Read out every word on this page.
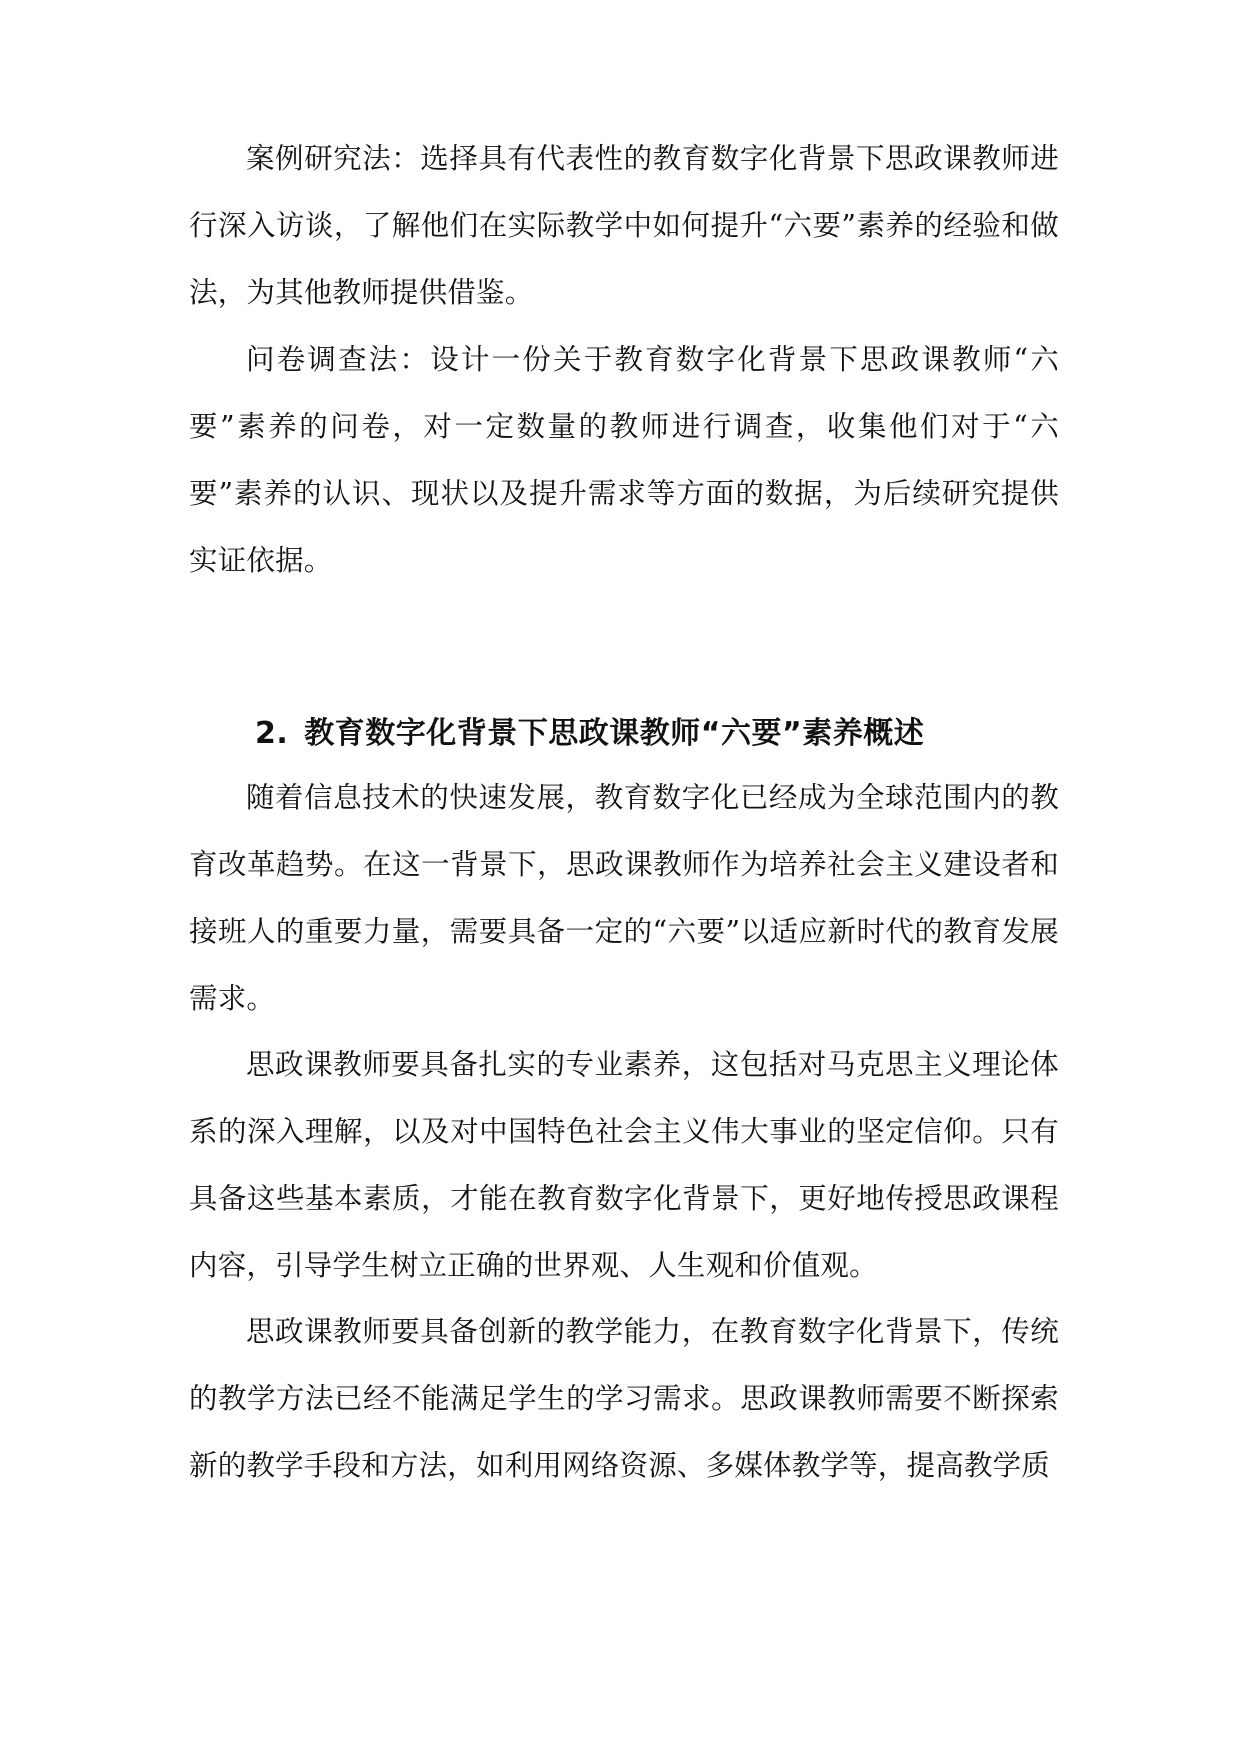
案例研究法：选择具有代表性的教育数字化背景下思政课教师进行深入访谈，了解他们在实际教学中如何提升“六要”素养的经验和做法，为其他教师提供借鉴。

问卷调查法：设计一份关于教育数字化背景下思政课教师“六要”素养的问卷，对一定数量的教师进行调查，收集他们对于“六要”素养的认识、现状以及提升需求等方面的数据，为后续研究提供实证依据。

2. 教育数字化背景下思政课教师“六要”素养概述

随着信息技术的快速发展，教育数字化已经成为全球范围内的教育改革趋势。在这一背景下，思政课教师作为培养社会主义建设者和接班人的重要力量，需要具备一定的“六要”以适应新时代的教育发展需求。

思政课教师要具备扎实的专业素养，这包括对马克思主义理论体系的深入理解，以及对中国特色社会主义伟大事业的坚定信仰。只有具备这些基本素质，才能在教育数字化背景下，更好地传授思政课程内容，引导学生树立正确的世界观、人生观和价值观。

思政课教师要具备创新的教学能力，在教育数字化背景下，传统的教学方法已经不能满足学生的学习需求。思政课教师需要不断探索新的教学手段和方法，如利用网络资源、多媒体教学等，提高教学质
